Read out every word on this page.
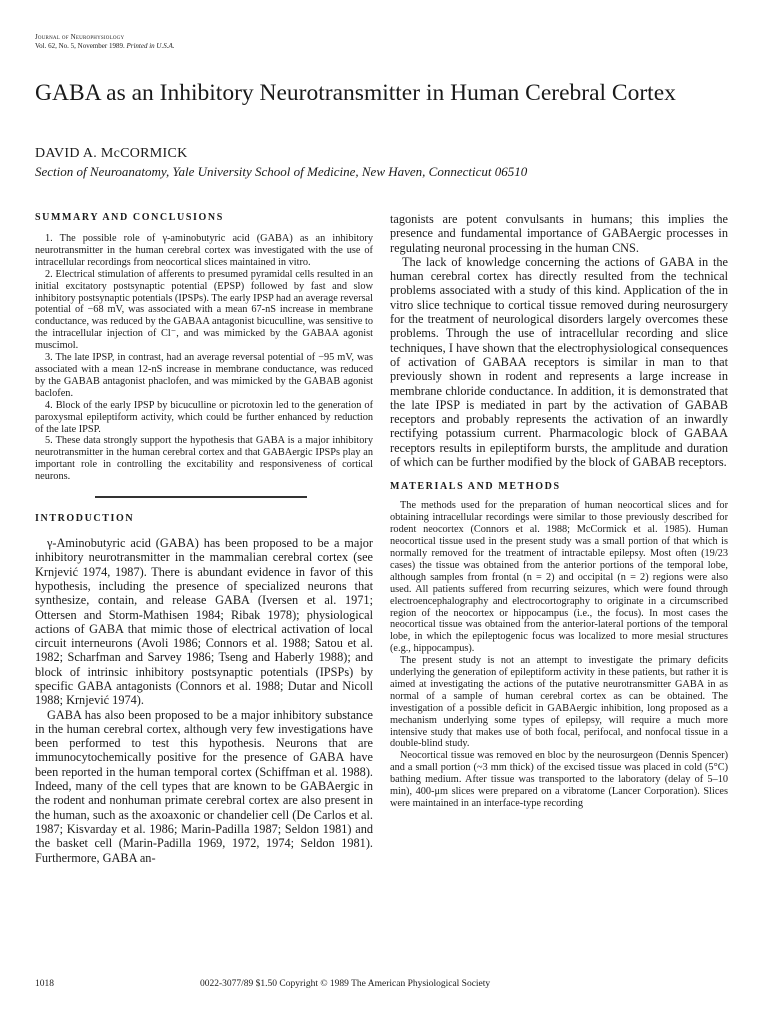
Journal of Neurophysiology
Vol. 62, No. 5, November 1989. Printed in U.S.A.
GABA as an Inhibitory Neurotransmitter in Human Cerebral Cortex
DAVID A. McCORMICK
Section of Neuroanatomy, Yale University School of Medicine, New Haven, Connecticut 06510
SUMMARY AND CONCLUSIONS

1. The possible role of γ-aminobutyric acid (GABA) as an inhibitory neurotransmitter in the human cerebral cortex was investigated with the use of intracellular recordings from neocortical slices maintained in vitro.

2. Electrical stimulation of afferents to presumed pyramidal cells resulted in an initial excitatory postsynaptic potential (EPSP) followed by fast and slow inhibitory postsynaptic potentials (IPSPs). The early IPSP had an average reversal potential of −68 mV, was associated with a mean 67-nS increase in membrane conductance, was reduced by the GABAA antagonist bicuculline, was sensitive to the intracellular injection of Cl⁻, and was mimicked by the GABAA agonist muscimol.

3. The late IPSP, in contrast, had an average reversal potential of −95 mV, was associated with a mean 12-nS increase in membrane conductance, was reduced by the GABAB antagonist phaclofen, and was mimicked by the GABAB agonist baclofen.

4. Block of the early IPSP by bicuculline or picrotoxin led to the generation of paroxysmal epileptiform activity, which could be further enhanced by reduction of the late IPSP.

5. These data strongly support the hypothesis that GABA is a major inhibitory neurotransmitter in the human cerebral cortex and that GABAergic IPSPs play an important role in controlling the excitability and responsiveness of cortical neurons.

INTRODUCTION

γ-Aminobutyric acid (GABA) has been proposed to be a major inhibitory neurotransmitter in the mammalian cerebral cortex (see Krnjević 1974, 1987). There is abundant evidence in favor of this hypothesis, including the presence of specialized neurons that synthesize, contain, and release GABA (Iversen et al. 1971; Ottersen and Storm-Mathisen 1984; Ribak 1978); physiological actions of GABA that mimic those of electrical activation of local circuit interneurons (Avoli 1986; Connors et al. 1988; Satou et al. 1982; Scharfman and Sarvey 1986; Tseng and Haberly 1988); and block of intrinsic inhibitory postsynaptic potentials (IPSPs) by specific GABA antagonists (Connors et al. 1988; Dutar and Nicoll 1988; Krnjević 1974).

GABA has also been proposed to be a major inhibitory substance in the human cerebral cortex, although very few investigations have been performed to test this hypothesis. Neurons that are immunocytochemically positive for the presence of GABA have been reported in the human temporal cortex (Schiffman et al. 1988). Indeed, many of the cell types that are known to be GABAergic in the rodent and nonhuman primate cerebral cortex are also present in the human, such as the axoaxonic or chandelier cell (De Carlos et al. 1987; Kisvarday et al. 1986; Marin-Padilla 1987; Seldon 1981) and the basket cell (Marin-Padilla 1969, 1972, 1974; Seldon 1981). Furthermore, GABA an-

tagonists are potent convulsants in humans; this implies the presence and fundamental importance of GABAergic processes in regulating neuronal processing in the human CNS.

The lack of knowledge concerning the actions of GABA in the human cerebral cortex has directly resulted from the technical problems associated with a study of this kind. Application of the in vitro slice technique to cortical tissue removed during neurosurgery for the treatment of neurological disorders largely overcomes these problems. Through the use of intracellular recording and slice techniques, I have shown that the electrophysiological consequences of activation of GABAA receptors is similar in man to that previously shown in rodent and represents a large increase in membrane chloride conductance. In addition, it is demonstrated that the late IPSP is mediated in part by the activation of GABAB receptors and probably represents the activation of an inwardly rectifying potassium current. Pharmacologic block of GABAA receptors results in epileptiform bursts, the amplitude and duration of which can be further modified by the block of GABAB receptors.

MATERIALS AND METHODS

The methods used for the preparation of human neocortical slices and for obtaining intracellular recordings were similar to those previously described for rodent neocortex (Connors et al. 1988; McCormick et al. 1985). Human neocortical tissue used in the present study was a small portion of that which is normally removed for the treatment of intractable epilepsy. Most often (19/23 cases) the tissue was obtained from the anterior portions of the temporal lobe, although samples from frontal (n = 2) and occipital (n = 2) regions were also used. All patients suffered from recurring seizures, which were found through electroencephalography and electrocortography to originate in a circumscribed region of the neocortex or hippocampus (i.e., the focus). In most cases the neocortical tissue was obtained from the anterior-lateral portions of the temporal lobe, in which the epileptogenic focus was localized to more mesial structures (e.g., hippocampus).

The present study is not an attempt to investigate the primary deficits underlying the generation of epileptiform activity in these patients, but rather it is aimed at investigating the actions of the putative neurotransmitter GABA in as normal of a sample of human cerebral cortex as can be obtained. The investigation of a possible deficit in GABAergic inhibition, long proposed as a mechanism underlying some types of epilepsy, will require a much more intensive study that makes use of both focal, perifocal, and nonfocal tissue in a double-blind study.

Neocortical tissue was removed en bloc by the neurosurgeon (Dennis Spencer) and a small portion (~3 mm thick) of the excised tissue was placed in cold (5°C) bathing medium. After tissue was transported to the laboratory (delay of 5–10 min), 400-μm slices were prepared on a vibratome (Lancer Corporation). Slices were maintained in an interface-type recording

1018	0022-3077/89 $1.50 Copyright © 1989 The American Physiological Society
